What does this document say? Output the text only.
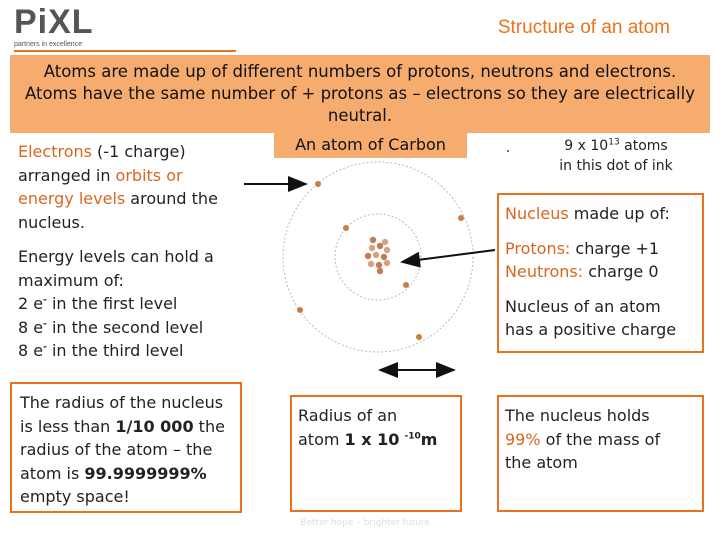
PiXL
partners in excellence
Structure of an atom
Atoms are made up of different numbers of protons, neutrons and electrons.
Atoms have the same number of + protons as – electrons so they are electrically
neutral.
An atom of Carbon	9 x $10^{13}$ atoms
in this dot of ink

Electrons (-1 charge)
arranged in orbits or
energy levels around the
nucleus.

Energy levels can hold a
maximum of:
2 e- in the first level
8 e- in the second level
8 e- in the third level

The radius of the nucleus
is less than 1/10 000 the
radius of the atom – the
atom is 99.9999999%
empty space!
Radius of an
atom 1 x 10 $^{-10}$m

Nucleus made up of:

Protons: charge +1
Neutrons: charge 0

Nucleus of an atom
has a positive charge

The nucleus holds
99% of the mass of
the atom
Better hope – brighter future
